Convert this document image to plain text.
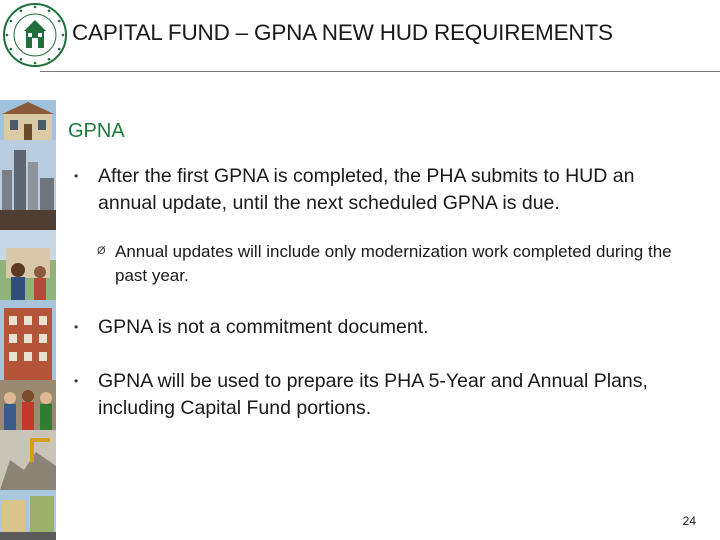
CAPITAL FUND – GPNA NEW HUD REQUIREMENTS
GPNA
•	After the first GPNA is completed, the PHA submits to HUD an annual update, until the next scheduled GPNA is due.
Ø Annual updates will include only modernization work completed during the past year.
•	GPNA is not a commitment document.
•	GPNA will be used to prepare its PHA 5-Year and Annual Plans, including Capital Fund portions.
24
